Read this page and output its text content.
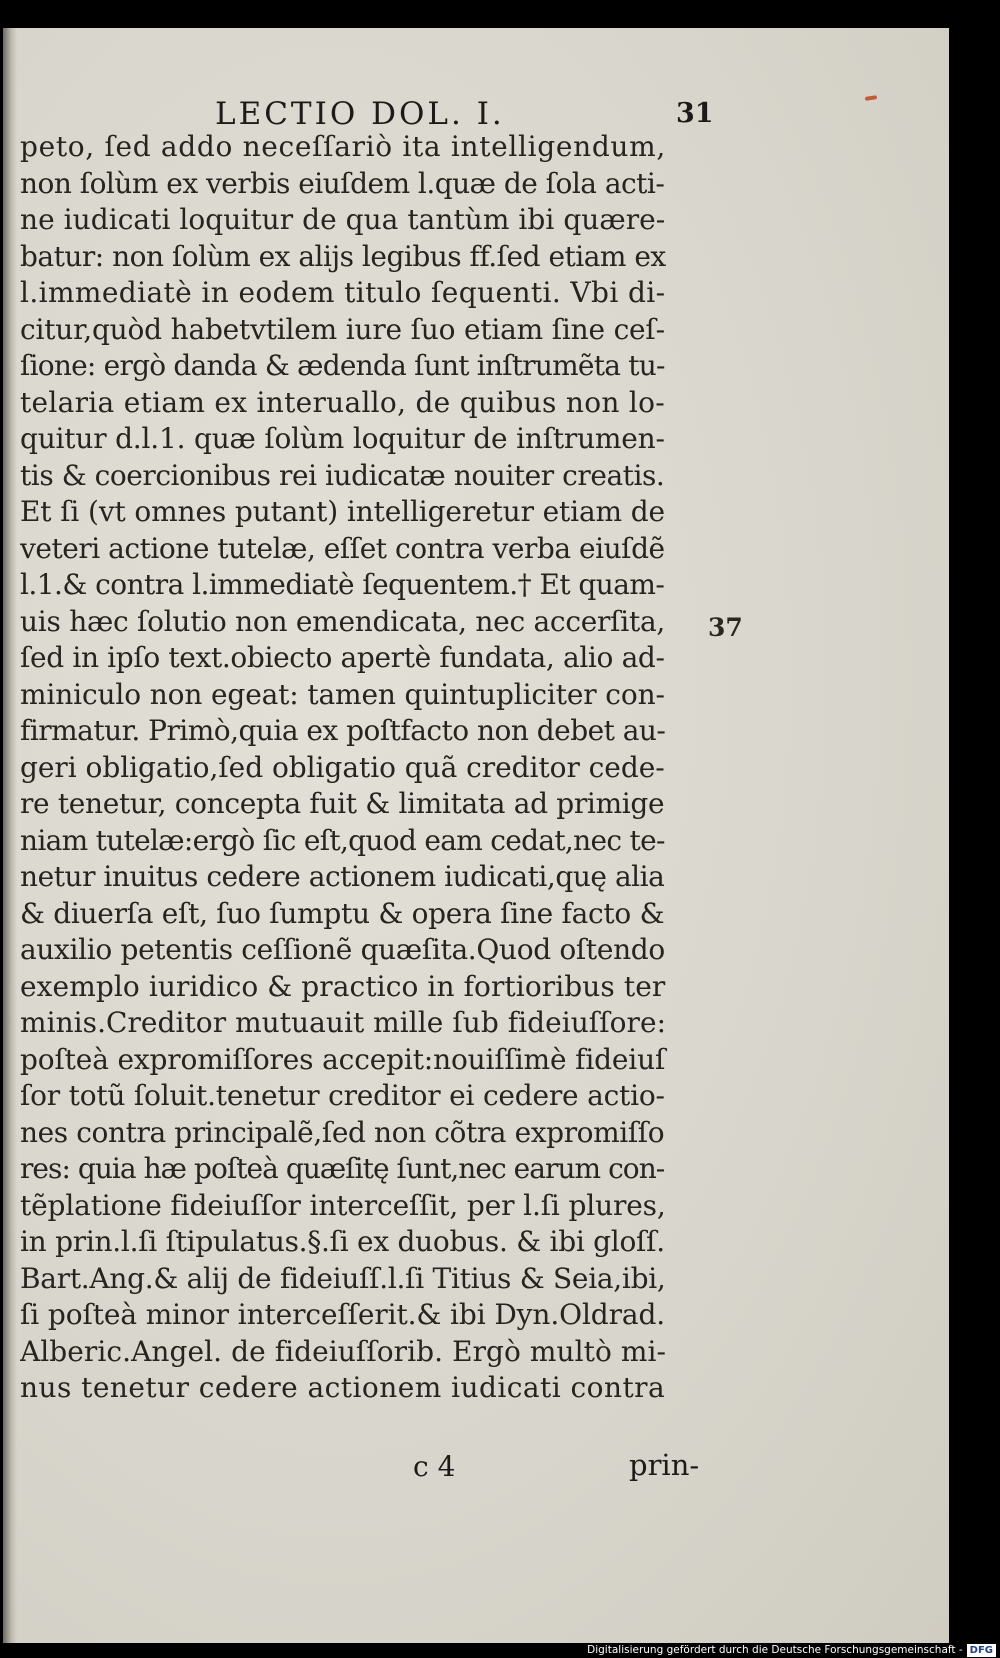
LECTIO DOL. I.	31
peto, ſed addo neceſſariò ita intelligendum,
non ſolùm ex verbis eiuſdem l.quæ de ſola acti-
ne iudicati loquitur de qua tantùm ibi quære-
batur: non ſolùm ex alijs legibus ff.ſed etiam ex
l.immediatè in eodem titulo ſequenti. Vbi di-
citur,quòd habetvtilem iure ſuo etiam ſine ceſ-
ſione: ergò danda & ædenda ſunt inſtrumẽta tu-
telaria etiam ex interuallo, de quibus non lo-
quitur d.l.1. quæ ſolùm loquitur de inſtrumen-
tis & coercionibus rei iudicatæ nouiter creatis.
Et ſi (vt omnes putant) intelligeretur etiam de
veteri actione tutelæ, eſſet contra verba eiuſdẽ
l.1.& contra l.immediatè ſequentem.† Et quam-
uis hæc ſolutio non emendicata, nec accerſita,
ſed in ipſo text.obiecto apertè fundata, alio ad-
miniculo non egeat: tamen quintupliciter con-
firmatur. Primò,quia ex poſtfacto non debet au-
geri obligatio,ſed obligatio quã creditor cede-
re tenetur, concepta fuit & limitata ad primige
niam tutelæ:ergò ſic eſt,quod eam cedat,nec te-
netur inuitus cedere actionem iudicati,quę alia
& diuerſa eſt, ſuo ſumptu & opera ſine facto &
auxilio petentis ceſſionẽ quæſita.Quod oſtendo
exemplo iuridico & practico in fortioribus ter
minis.Creditor mutuauit mille ſub fideiuſſore:
poſteà expromiſſores accepit:nouiſſimè fideiuſ
ſor totũ ſoluit.tenetur creditor ei cedere actio-
nes contra principalẽ,ſed non cõtra expromiſſo
res: quia hæ poſteà quæſitę ſunt,nec earum con-
tẽplatione fideiuſſor interceſſit, per l.ſi plures,
in prin.l.ſi ſtipulatus.§.ſi ex duobus. & ibi gloſſ.
Bart.Ang.& alij de fideiuſſ.l.ſi Titius & Seia,ibi,
ſi poſteà minor interceſſerit.& ibi Dyn.Oldrad.
Alberic.Angel. de fideiuſſorib. Ergò multò mi-
nus tenetur cedere actionem iudicati contra
37
c 4	prin-
Digitalisierung gefördert durch die Deutsche Forschungsgemeinschaft - DFG
